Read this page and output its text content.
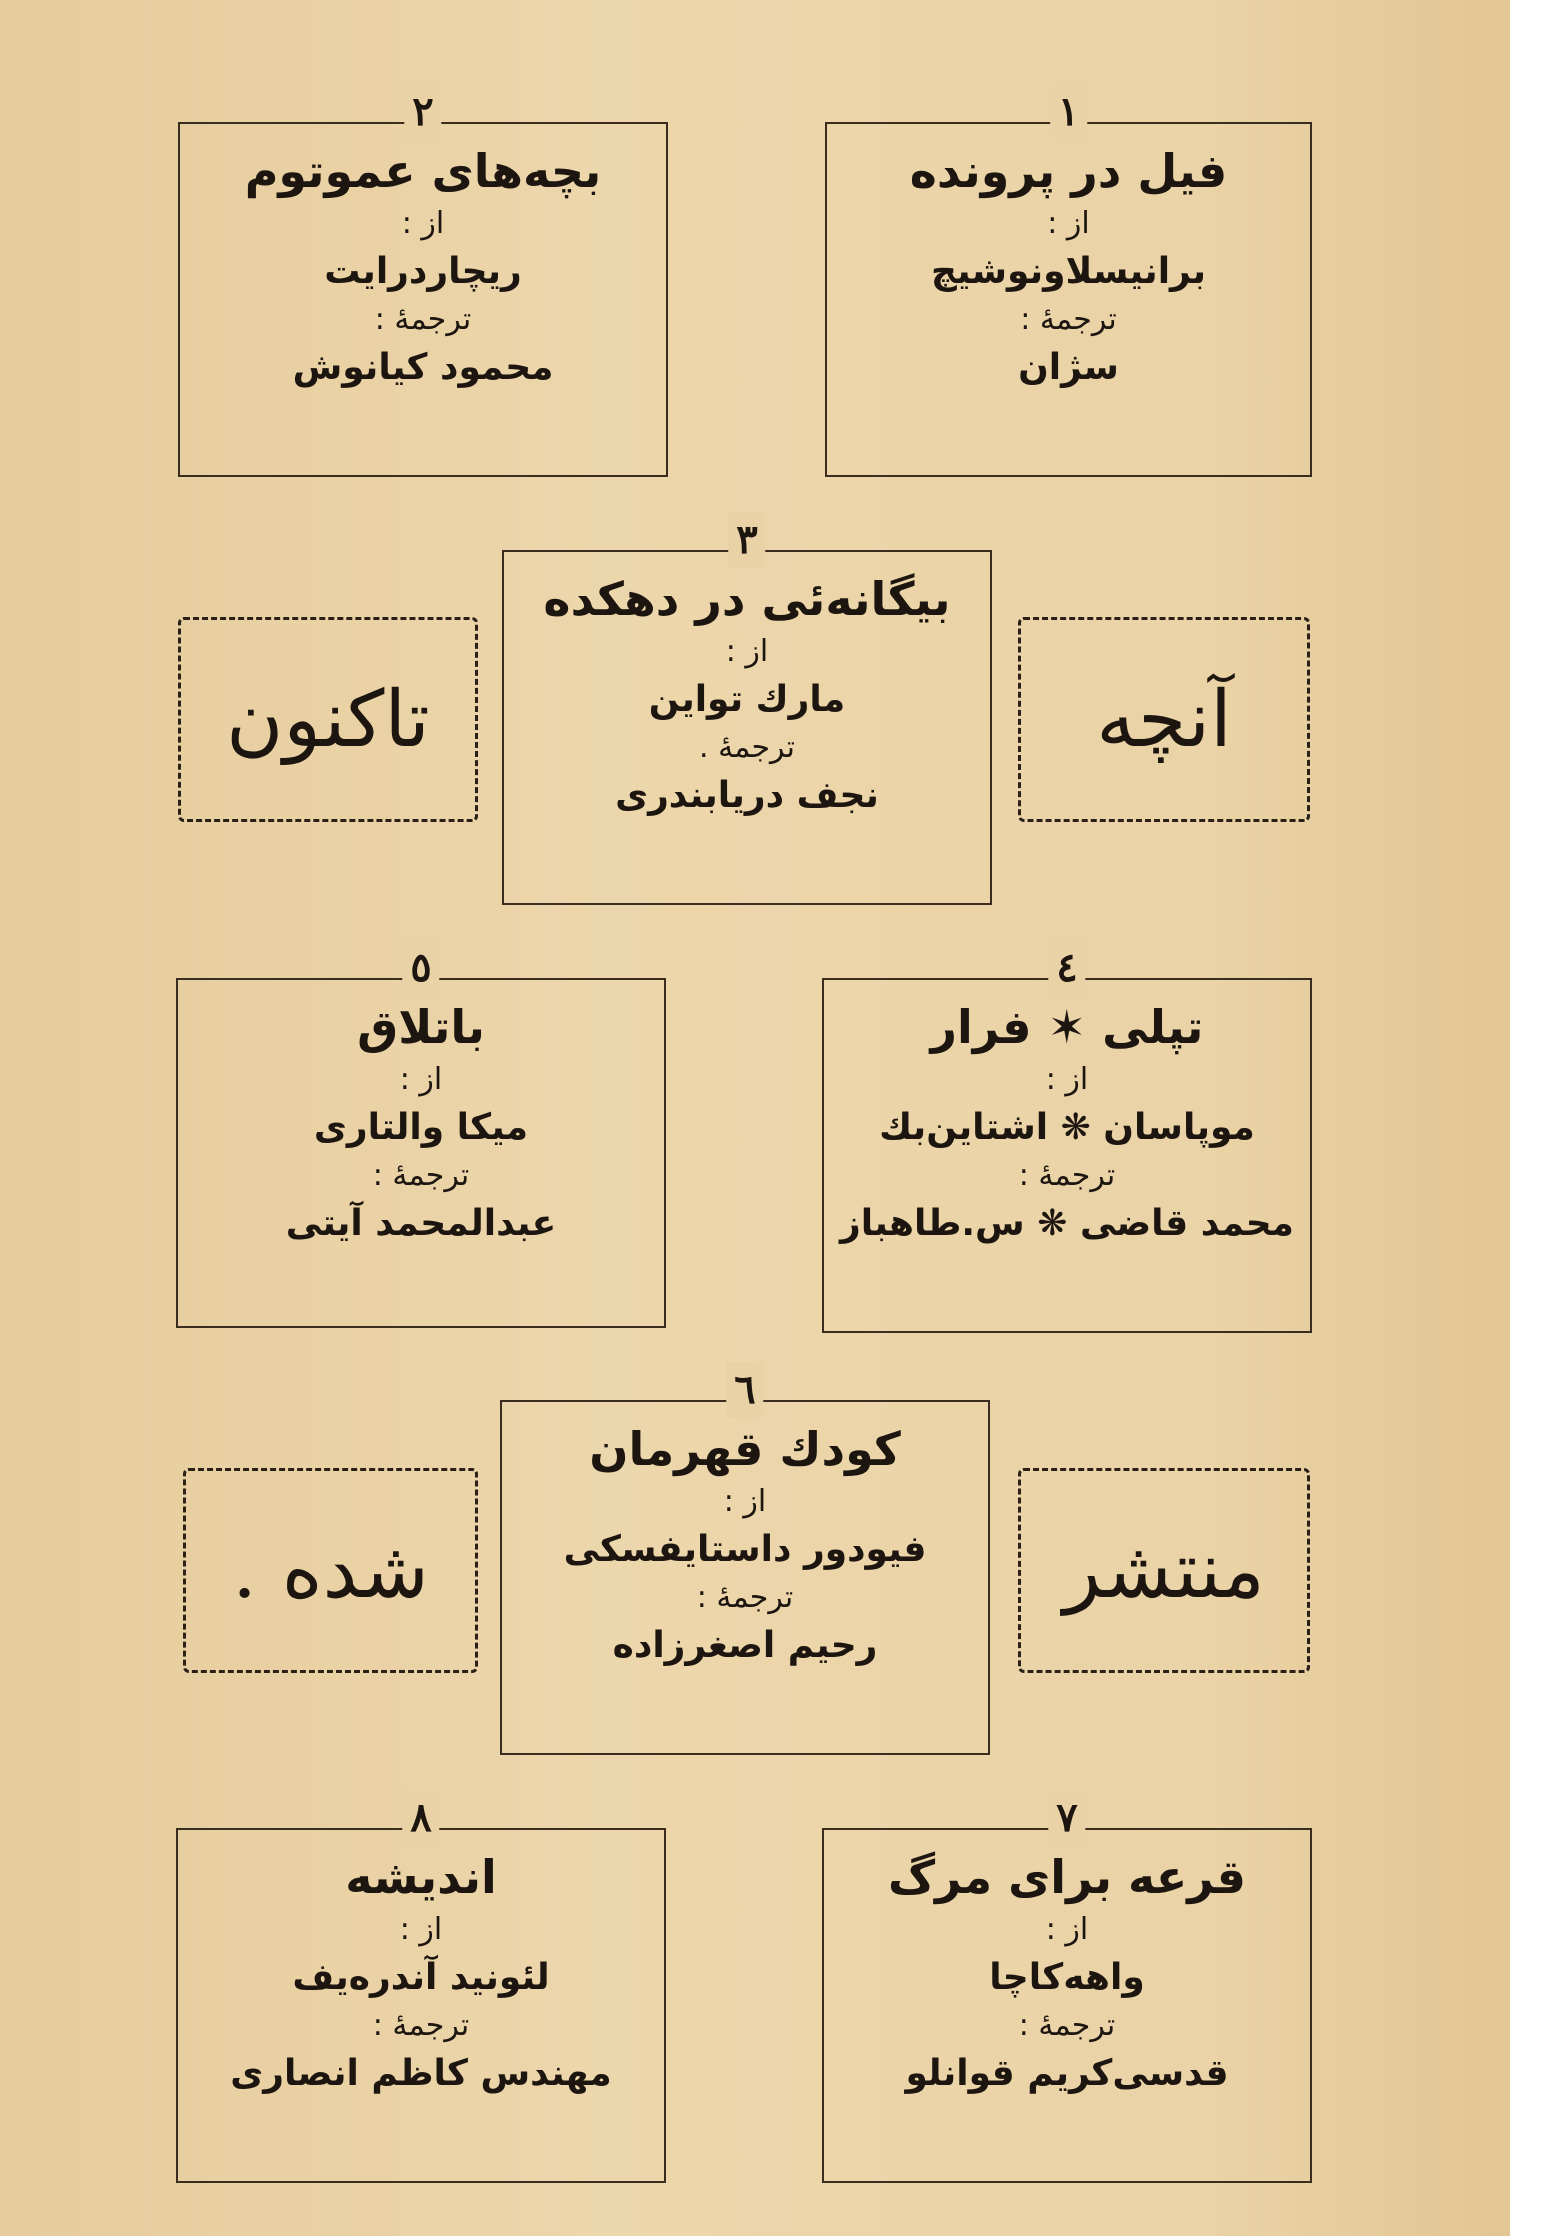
۱
فیل در پرونده
از :
برانیسلاونوشیچ
ترجمهٔ :
سژان
۲
بچه‌های عموتوم
از :
ریچاردرایت
ترجمهٔ :
محمود کیانوش
۳
بیگانه‌ئی در دهکده
از :
مارك تواین
ترجمهٔ .
نجف دریابندری
آنچه
تاکنون
٤
تپلی ✶ فرار
از :
موپاسان ❋ اشتاین‌بك
ترجمهٔ :
محمد قاضی ❋ س.طاهباز
٥
باتلاق
از :
میکا والتاری
ترجمهٔ :
عبدالمحمد آیتی
٦
کودك قهرمان
از :
فیودور داستایفسکی
ترجمهٔ :
رحیم اصغرزاده
منتشر
شده .
۷
قرعه برای مرگ
از :
واهه‌کاچا
ترجمهٔ :
قدسی‌کریم قوانلو
۸
اندیشه
از :
لئونید آندره‌یف
ترجمهٔ :
مهندس کاظم انصاری
